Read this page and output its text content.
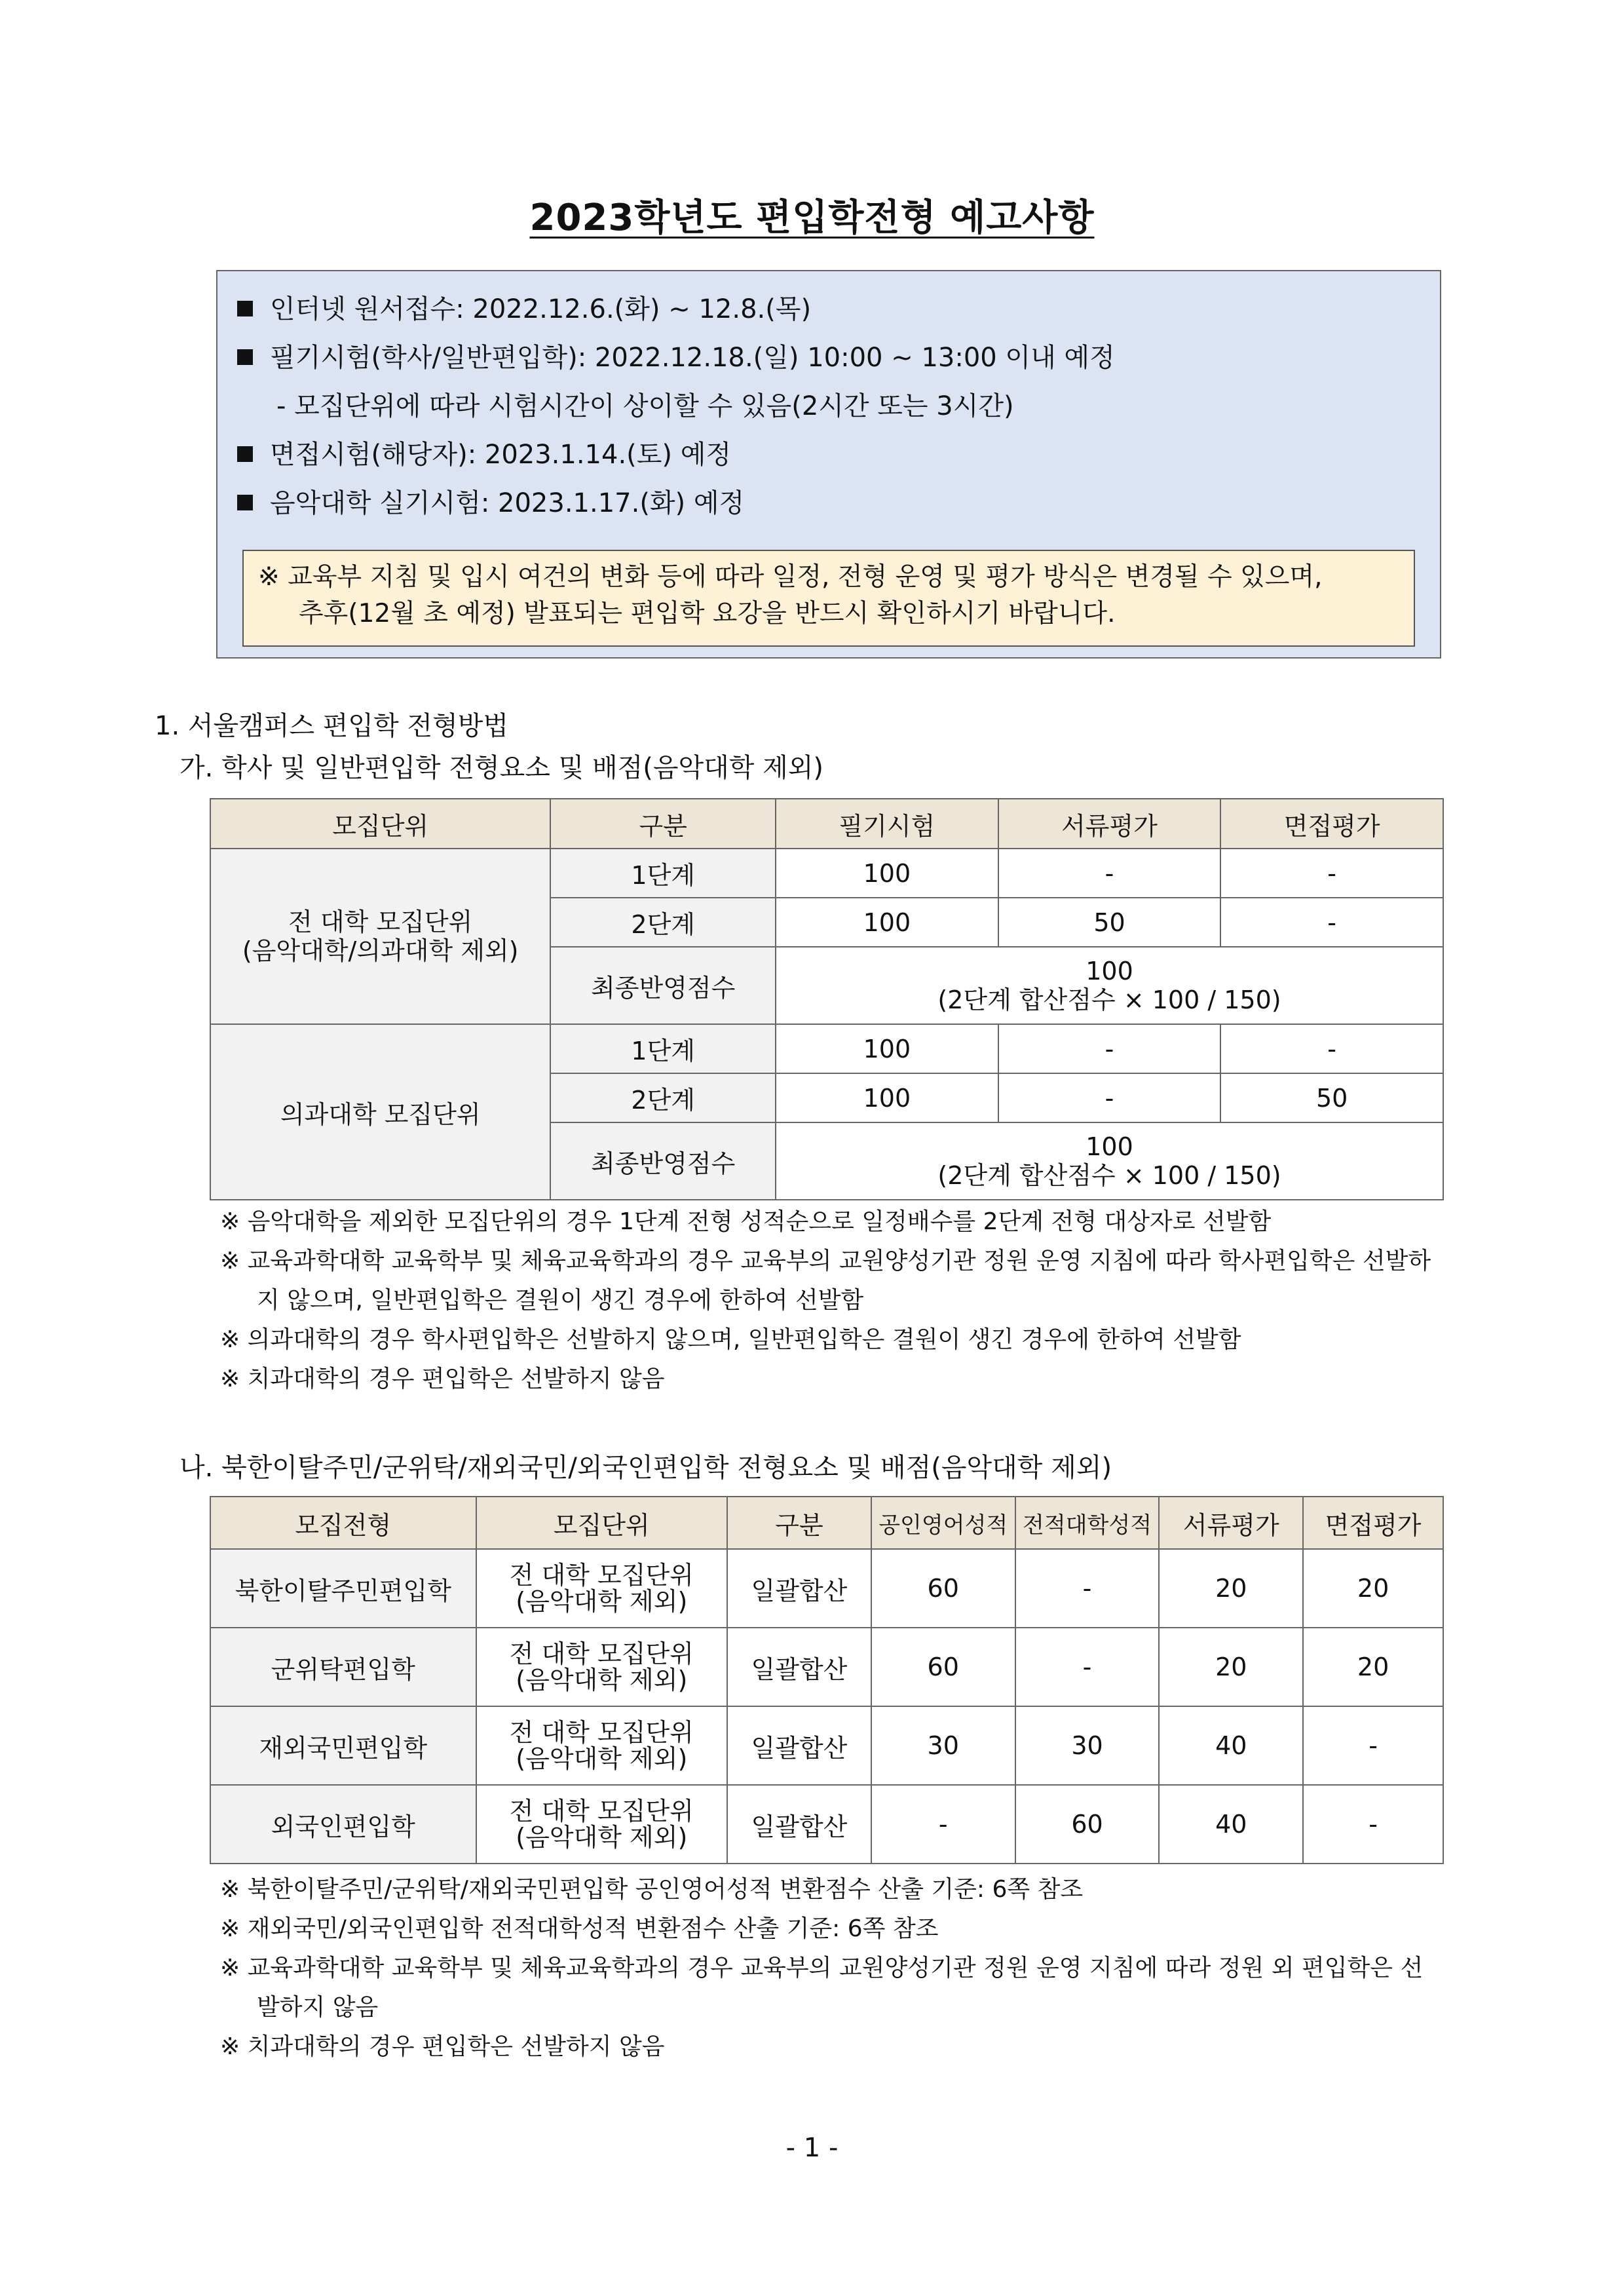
2023학년도 편입학전형 예고사항
인터넷 원서접수: 2022.12.6.(화) ~ 12.8.(목)
필기시험(학사/일반편입학): 2022.12.18.(일) 10:00 ~ 13:00 이내 예정
- 모집단위에 따라 시험시간이 상이할 수 있음(2시간 또는 3시간)
면접시험(해당자): 2023.1.14.(토) 예정
음악대학 실기시험: 2023.1.17.(화) 예정
※ 교육부 지침 및 입시 여건의 변화 등에 따라 일정, 전형 운영 및 평가 방식은 변경될 수 있으며,
추후(12월 초 예정) 발표되는 편입학 요강을 반드시 확인하시기 바랍니다.
1. 서울캠퍼스 편입학 전형방법
가. 학사 및 일반편입학 전형요소 및 배점(음악대학 제외)
모집단위	구분	필기시험	서류평가	면접평가
전 대학 모집단위
(음악대학/의과대학 제외)	1단계	100	-	-
	2단계	100	50	-
	최종반영점수	100
(2단계 합산점수 × 100 / 150)		
의과대학 모집단위	1단계	100	-	-
	2단계	100	-	50
	최종반영점수	100
(2단계 합산점수 × 100 / 150)		
※ 음악대학을 제외한 모집단위의 경우 1단계 전형 성적순으로 일정배수를 2단계 전형 대상자로 선발함
※ 교육과학대학 교육학부 및 체육교육학과의 경우 교육부의 교원양성기관 정원 운영 지침에 따라 학사편입학은 선발하
지 않으며, 일반편입학은 결원이 생긴 경우에 한하여 선발함
※ 의과대학의 경우 학사편입학은 선발하지 않으며, 일반편입학은 결원이 생긴 경우에 한하여 선발함
※ 치과대학의 경우 편입학은 선발하지 않음
나. 북한이탈주민/군위탁/재외국민/외국인편입학 전형요소 및 배점(음악대학 제외)
모집전형	모집단위	구분	공인영어성적	전적대학성적	서류평가	면접평가
북한이탈주민편입학	전 대학 모집단위
(음악대학 제외)	일괄합산	60	-	20	20
군위탁편입학	전 대학 모집단위
(음악대학 제외)	일괄합산	60	-	20	20
재외국민편입학	전 대학 모집단위
(음악대학 제외)	일괄합산	30	30	40	-
외국인편입학	전 대학 모집단위
(음악대학 제외)	일괄합산	-	60	40	-
※ 북한이탈주민/군위탁/재외국민편입학 공인영어성적 변환점수 산출 기준: 6쪽 참조
※ 재외국민/외국인편입학 전적대학성적 변환점수 산출 기준: 6쪽 참조
※ 교육과학대학 교육학부 및 체육교육학과의 경우 교육부의 교원양성기관 정원 운영 지침에 따라 정원 외 편입학은 선
발하지 않음
※ 치과대학의 경우 편입학은 선발하지 않음
- 1 -
